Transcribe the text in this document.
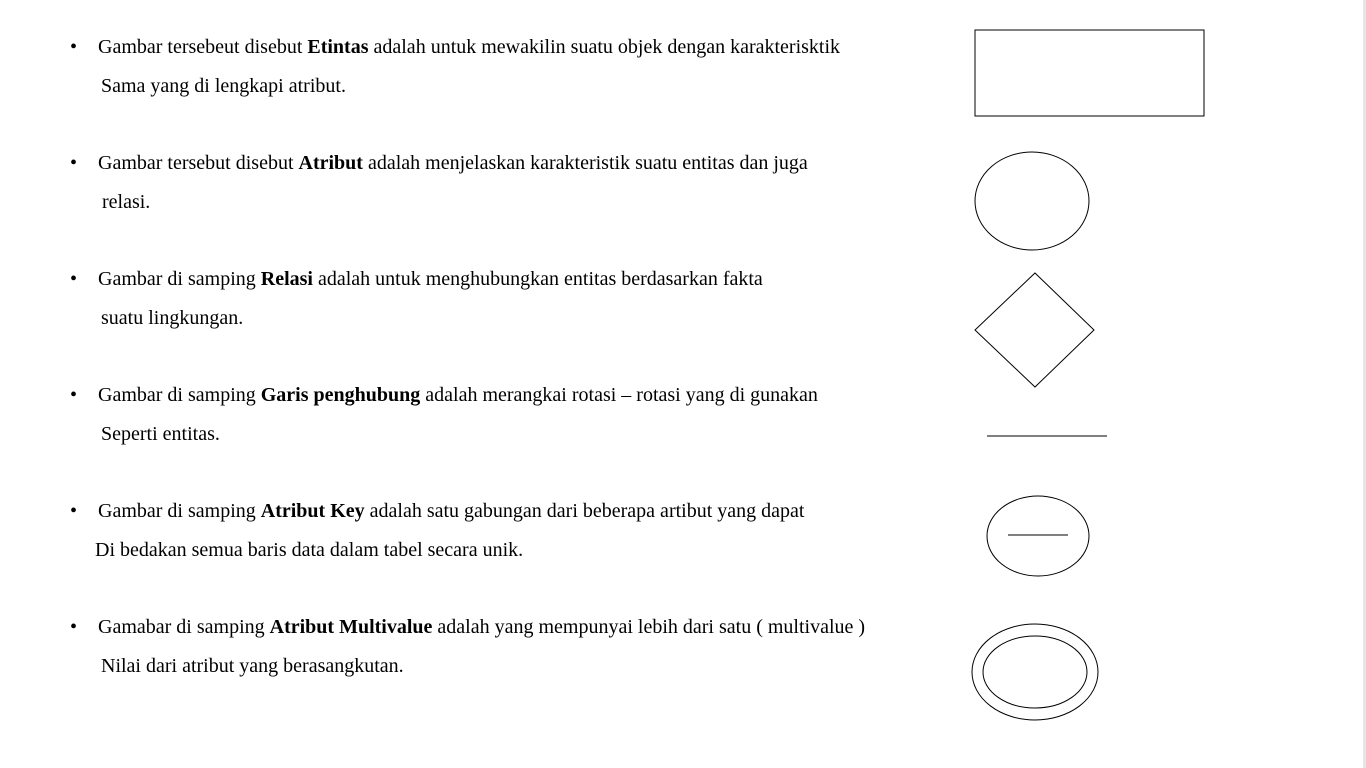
• Gambar tersebeut disebut Etintas adalah untuk mewakilin suatu objek dengan karakterisktik
Sama yang di lengkapi atribut.
• Gambar tersebut disebut Atribut adalah menjelaskan karakteristik suatu entitas dan juga
relasi.
• Gambar di samping Relasi adalah untuk menghubungkan entitas berdasarkan fakta
suatu lingkungan.
• Gambar di samping Garis penghubung adalah merangkai rotasi – rotasi yang di gunakan
Seperti entitas.
• Gambar di samping Atribut Key adalah satu gabungan dari beberapa artibut yang dapat
Di bedakan semua baris data dalam tabel secara unik.
• Gamabar di samping Atribut Multivalue adalah yang mempunyai lebih dari satu ( multivalue )
Nilai dari atribut yang berasangkutan.
